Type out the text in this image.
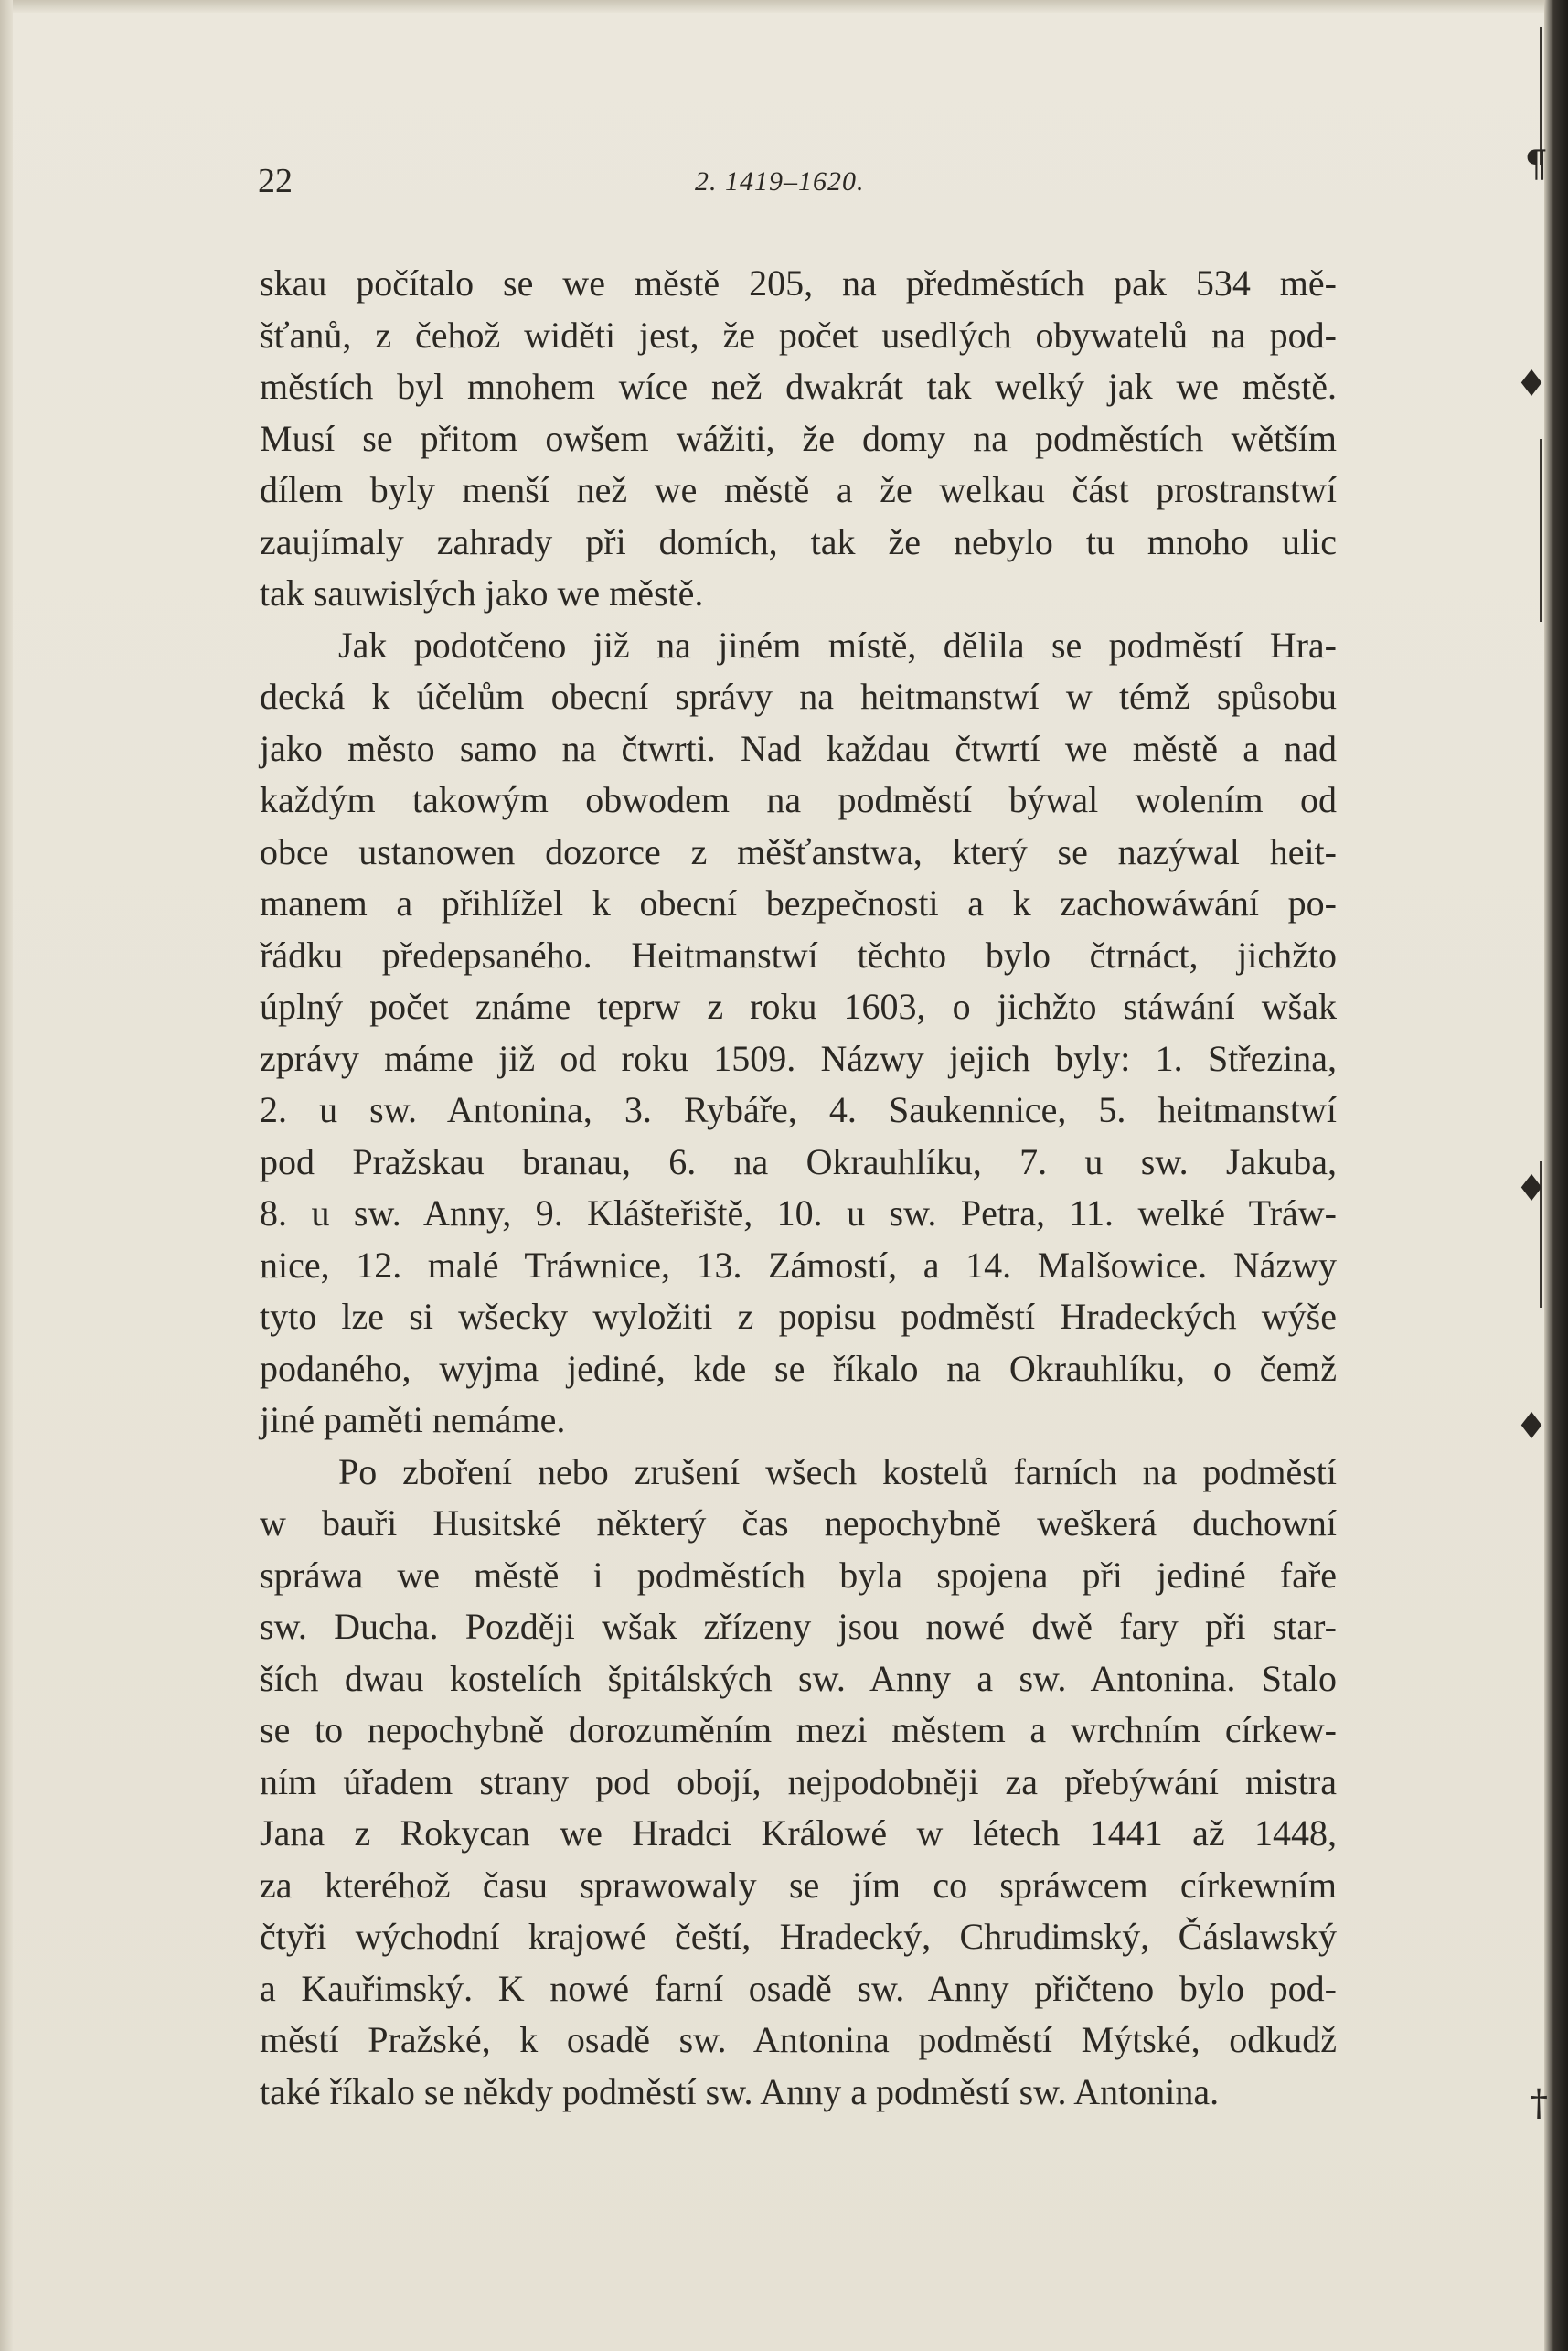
¶
♦
♦
♦
†
22	2. 1419–1620.
skau počítalo se we městě 205, na předměstích pak 534 mě-
šťanů, z čehož widěti jest, že počet usedlých obywatelů na pod-
městích byl mnohem wíce než dwakrát tak welký jak we městě.
Musí se přitom owšem wážiti, že domy na podměstích wětším
dílem byly menší než we městě a že welkau část prostranstwí
zaujímaly zahrady při domích, tak že nebylo tu mnoho ulic
tak sauwislých jako we městě.
Jak podotčeno již na jiném místě, dělila se podměstí Hra-
decká k účelům obecní správy na heitmanstwí w témž spůsobu
jako město samo na čtwrti. Nad každau čtwrtí we městě a nad
každým takowým obwodem na podměstí býwal wolením od
obce ustanowen dozorce z měšťanstwa, který se nazýwal heit-
manem a přihlížel k obecní bezpečnosti a k zachowáwání po-
řádku předepsaného. Heitmanstwí těchto bylo čtrnáct, jichžto
úplný počet známe teprw z roku 1603, o jichžto stáwání wšak
zprávy máme již od roku 1509. Názwy jejich byly: 1. Střezina,
2. u sw. Antonina, 3. Rybáře, 4. Saukennice, 5. heitmanstwí
pod Pražskau branau, 6. na Okrauhlíku, 7. u sw. Jakuba,
8. u sw. Anny, 9. Klášteřiště, 10. u sw. Petra, 11. welké Tráw-
nice, 12. malé Tráwnice, 13. Zámostí, a 14. Malšowice. Názwy
tyto lze si wšecky wyložiti z popisu podměstí Hradeckých wýše
podaného, wyjma jediné, kde se říkalo na Okrauhlíku, o čemž
jiné paměti nemáme.
Po zboření nebo zrušení wšech kostelů farních na podměstí
w bauři Husitské některý čas nepochybně weškerá duchowní
spráwa we městě i podměstích byla spojena při jediné faře
sw. Ducha. Později wšak zřízeny jsou nowé dwě fary při star-
ších dwau kostelích špitálských sw. Anny a sw. Antonina. Stalo
se to nepochybně dorozuměním mezi městem a wrchním církew-
ním úřadem strany pod obojí, nejpodobněji za přebýwání mistra
Jana z Rokycan we Hradci Králowé w létech 1441 až 1448,
za kteréhož času sprawowaly se jím co spráwcem církewním
čtyři wýchodní krajowé čeští, Hradecký, Chrudimský, Čáslawský
a Kauřimský. K nowé farní osadě sw. Anny přičteno bylo pod-
městí Pražské, k osadě sw. Antonina podměstí Mýtské, odkudž
také říkalo se někdy podměstí sw. Anny a podměstí sw. Antonina.
